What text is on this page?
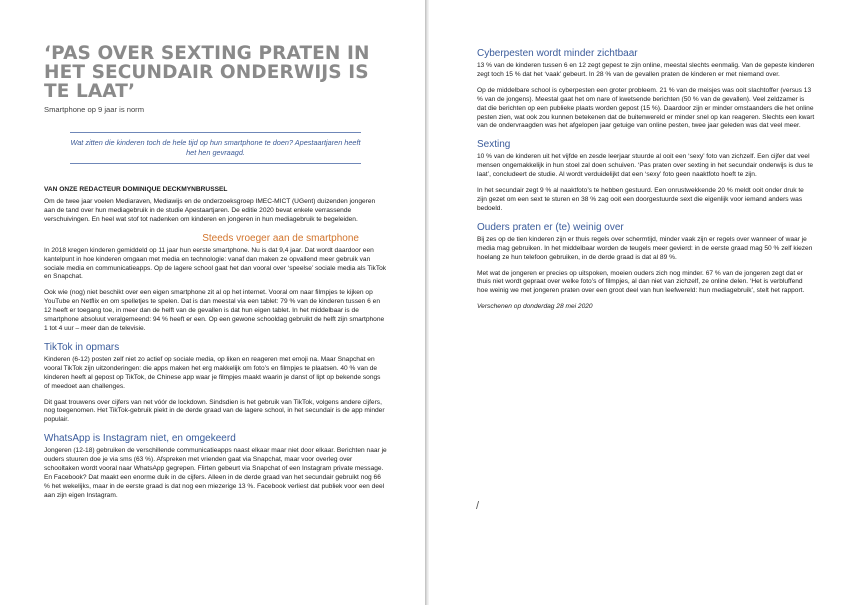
‘PAS OVER SEXTING PRATEN IN HET SECUNDAIR ONDERWIJS IS TE LAAT’
Smartphone op 9 jaar is norm
Wat zitten die kinderen toch de hele tijd op hun smartphone te doen? Apestaartjaren heeft het hen gevraagd.
VAN ONZE REDACTEUR DOMINIQUE DECKMYNBRUSSEL

Om de twee jaar voelen Mediaraven, Mediawijs en de onderzoeksgroep IMEC-MICT (UGent) duizenden jongeren aan de tand over hun mediagebruik in de studie Apestaartjaren. De editie 2020 bevat enkele verrassende verschuivingen. En heel wat stof tot nadenken om kinderen en jongeren in hun mediagebruik te begeleiden.

Steeds vroeger aan de smartphone

In 2018 kregen kinderen gemiddeld op 11 jaar hun eerste smartphone. Nu is dat 9,4 jaar. Dat wordt daardoor een kantelpunt in hoe kinderen omgaan met media en technologie: vanaf dan maken ze opvallend meer gebruik van sociale media en communicatieapps. Op de lagere school gaat het dan vooral over ‘speelse’ sociale media als TikTok en Snapchat.

Ook wie (nog) niet beschikt over een eigen smartphone zit al op het internet. Vooral om naar filmpjes te kijken op YouTube en Netflix en om spelletjes te spelen. Dat is dan meestal via een tablet: 79 % van de kinderen tussen 6 en 12 heeft er toegang toe, in meer dan de helft van de gevallen is dat hun eigen tablet. In het middelbaar is de smartphone absoluut veralgemeend: 94 % heeft er een. Op een gewone schooldag gebruikt de helft zijn smartphone 1 tot 4 uur – meer dan de televisie.

TikTok in opmars

Kinderen (6-12) posten zelf niet zo actief op sociale media, op liken en reageren met emoji na. Maar Snapchat en vooral TikTok zijn uitzonderingen: die apps maken het erg makkelijk om foto’s en filmpjes te plaatsen. 40 % van de kinderen heeft al gepost op TikTok, de Chinese app waar je filmpjes maakt waarin je danst of lipt op bekende songs of meedoet aan challenges.

Dit gaat trouwens over cijfers van net vóór de lockdown. Sindsdien is het gebruik van TikTok, volgens andere cijfers, nog toegenomen. Het TikTok-gebruik piekt in de derde graad van de lagere school, in het secundair is de app minder populair.

WhatsApp is Instagram niet, en omgekeerd

Jongeren (12-18) gebruiken de verschillende communicatieapps naast elkaar maar niet door elkaar. Berichten naar je ouders stuuren doe je via sms (63 %). Afspreken met vrienden gaat via Snapchat, maar voor overleg over schooltaken wordt vooral naar WhatsApp gegrepen. Flirten gebeurt via Snapchat of een Instagram private message. En Facebook? Dat maakt een enorme duik in de cijfers. Alleen in de derde graad van het secundair gebruikt nog 66 % het wekelijks, maar in de eerste graad is dat nog een miezerige 13 %. Facebook verliest dat publiek voor een deel aan zijn eigen Instagram.

Cyberpesten wordt minder zichtbaar

13 % van de kinderen tussen 6 en 12 zegt gepest te zijn online, meestal slechts eenmalig. Van de gepeste kinderen zegt toch 15 % dat het ‘vaak’ gebeurt. In 28 % van de gevallen praten de kinderen er met niemand over.

Op de middelbare school is cyberpesten een groter probleem. 21 % van de meisjes was ooit slachtoffer (versus 13 % van de jongens). Meestal gaat het om nare of kwetsende berichten (50 % van de gevallen). Veel zeldzamer is dat die berichten op een publieke plaats worden gepost (15 %). Daardoor zijn er minder omstaanders die het online pesten zien, wat ook zou kunnen betekenen dat de buitenwereld er minder snel op kan reageren. Slechts een kwart van de ondervraagden was het afgelopen jaar getuige van online pesten, twee jaar geleden was dat veel meer.

Sexting

10 % van de kinderen uit het vijfde en zesde leerjaar stuurde al ooit een ‘sexy’ foto van zichzelf. Een cijfer dat veel mensen ongemakkelijk in hun stoel zal doen schuiven. ‘Pas praten over sexting in het secundair onderwijs is dus te laat’, concludeert de studie. Al wordt verduidelijkt dat een ‘sexy’ foto geen naaktfoto hoeft te zijn.

In het secundair zegt 9 % al naaktfoto’s te hebben gestuurd. Een onrustwekkende 20 % meldt ooit onder druk te zijn gezet om een sext te sturen en 38 % zag ooit een doorgestuurde sext die eigenlijk voor iemand anders was bedoeld.

Ouders praten er (te) weinig over

Bij zes op de tien kinderen zijn er thuis regels over schermtijd, minder vaak zijn er regels over wanneer of waar je media mag gebruiken. In het middelbaar worden de teugels meer gevierd: in de eerste graad mag 50 % zelf kiezen hoelang ze hun telefoon gebruiken, in de derde graad is dat al 89 %.

Met wat de jongeren er precies op uitspoken, moeien ouders zich nog minder. 67 % van de jongeren zegt dat er thuis niet wordt gepraat over welke foto’s of filmpjes, al dan niet van zichzelf, ze online delen. ‘Het is verbluffend hoe weinig we met jongeren praten over een groot deel van hun leefwereld: hun mediagebruik’, stelt het rapport.

Verschenen op donderdag 28 mei 2020
/
